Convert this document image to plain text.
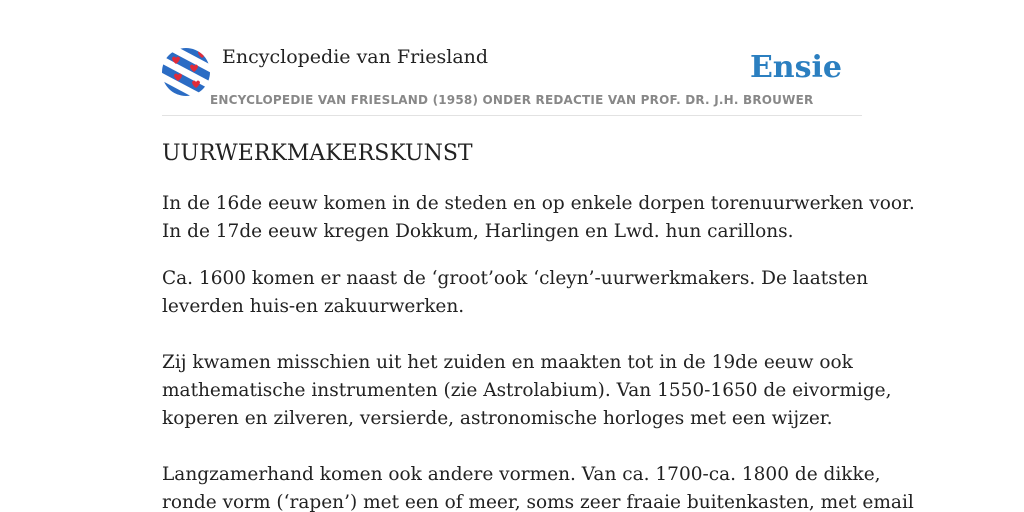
Encyclopedie van Friesland
ENCYCLOPEDIE VAN FRIESLAND (1958) ONDER REDACTIE VAN PROF. DR. J.H. BROUWER
Ensie
UURWERKMAKERSKUNST

In de 16de eeuw komen in de steden en op enkele dorpen torenuurwerken voor.
In de 17de eeuw kregen Dokkum, Harlingen en Lwd. hun carillons.

Ca. 1600 komen er naast de ‘groot’ook ‘cleyn’-uurwerkmakers. De laatsten
leverden huis-en zakuurwerken.

Zij kwamen misschien uit het zuiden en maakten tot in de 19de eeuw ook
mathematische instrumenten (zie Astrolabium). Van 1550-1650 de eivormige,
koperen en zilveren, versierde, astronomische horloges met een wijzer.

Langzamerhand komen ook andere vormen. Van ca. 1700-ca. 1800 de dikke,
ronde vorm (‘rapen’) met een of meer, soms zeer fraaie buitenkasten, met email
